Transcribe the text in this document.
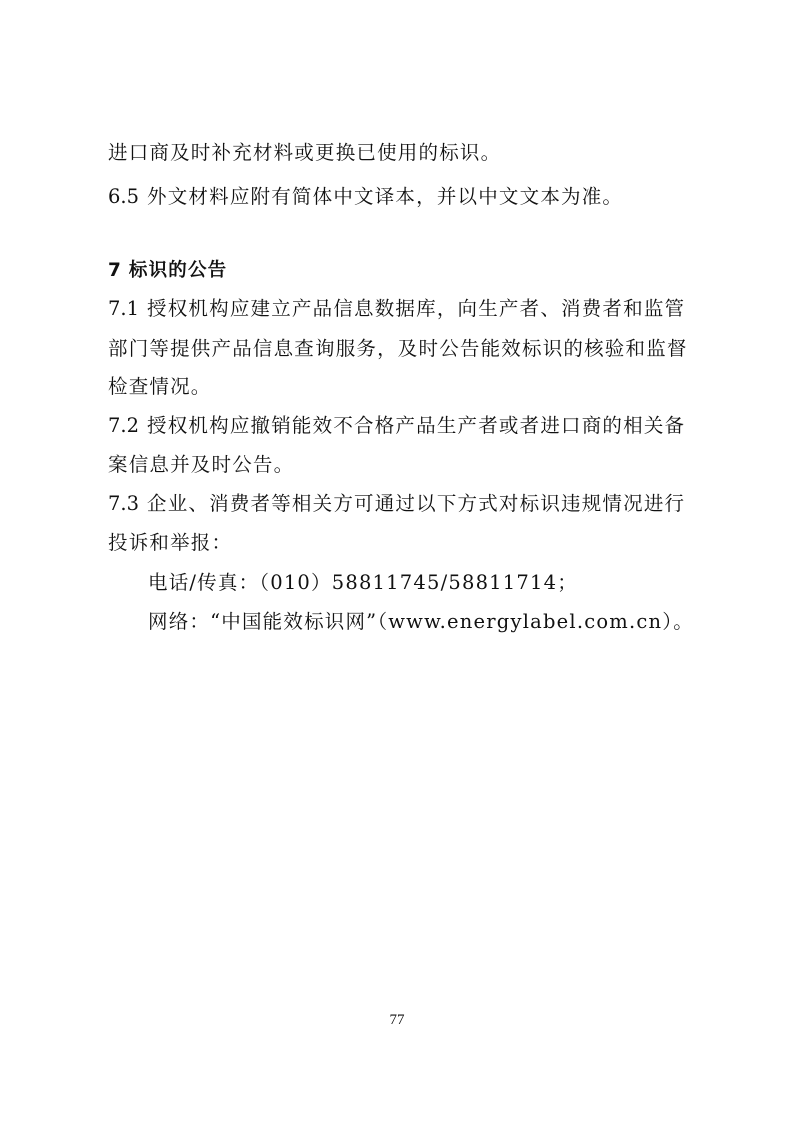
进口商及时补充材料或更换已使用的标识。
6.5 外文材料应附有简体中文译本，并以中文文本为准。
7 标识的公告
7.1 授权机构应建立产品信息数据库，向生产者、消费者和监管
部门等提供产品信息查询服务，及时公告能效标识的核验和监督
检查情况。
7.2 授权机构应撤销能效不合格产品生产者或者进口商的相关备
案信息并及时公告。
7.3 企业、消费者等相关方可通过以下方式对标识违规情况进行
投诉和举报：
电话/传真：（010）58811745/58811714；
网络：“中国能效标识网”（www.energylabel.com.cn）。
77
